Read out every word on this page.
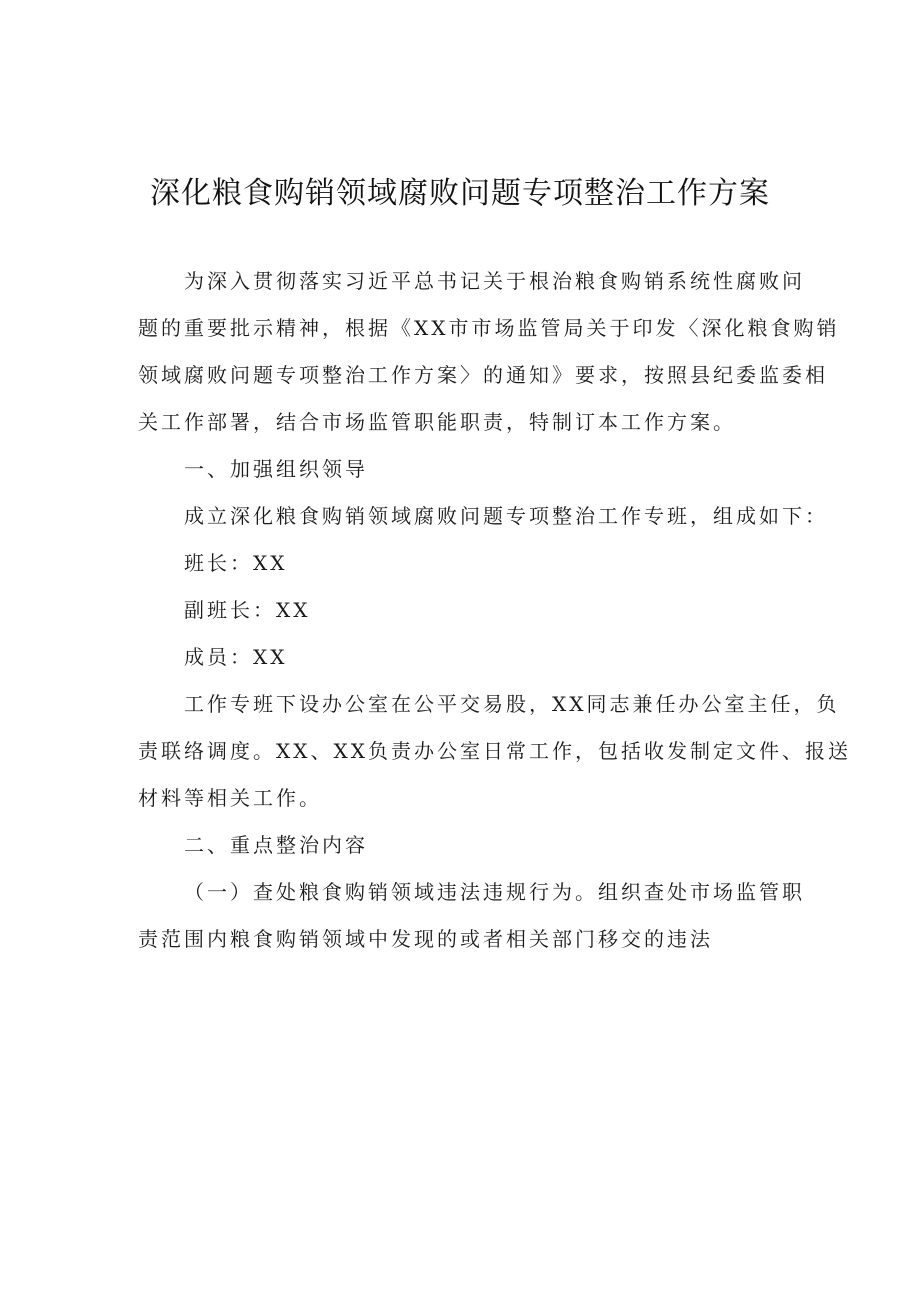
深化粮食购销领域腐败问题专项整治工作方案

为深入贯彻落实习近平总书记关于根治粮食购销系统性腐败问
题的重要批示精神，根据《XX市市场监管局关于印发〈深化粮食购销
领域腐败问题专项整治工作方案〉的通知》要求，按照县纪委监委相
关工作部署，结合市场监管职能职责，特制订本工作方案。

一、加强组织领导

成立深化粮食购销领域腐败问题专项整治工作专班，组成如下：

班长：XX

副班长：XX

成员：XX

工作专班下设办公室在公平交易股，XX同志兼任办公室主任，负
责联络调度。XX、XX负责办公室日常工作，包括收发制定文件、报送
材料等相关工作。

二、重点整治内容

（一）查处粮食购销领域违法违规行为。组织查处市场监管职
责范围内粮食购销领域中发现的或者相关部门移交的违法
